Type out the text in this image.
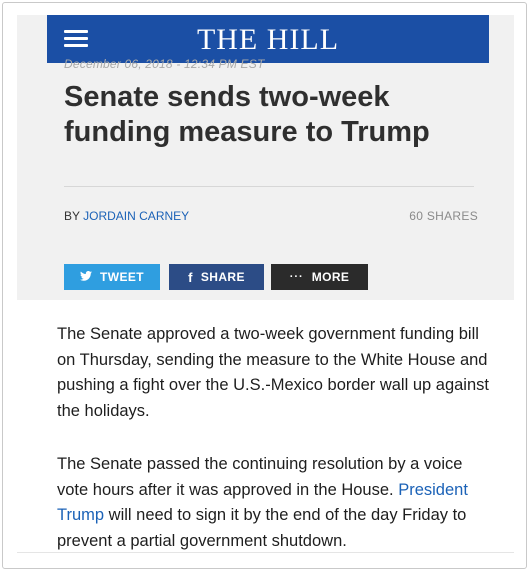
THE HILL
December 06, 2018 - 12:34 PM EST
Senate sends two-week
funding measure to Trump
BY JORDAIN CARNEY	60 SHARES
TWEET	f SHARE	··· MORE
The Senate approved a two-week government funding bill on Thursday, sending the measure to the White House and pushing a fight over the U.S.-Mexico border wall up against the holidays.
The Senate passed the continuing resolution by a voice vote hours after it was approved in the House. President Trump will need to sign it by the end of the day Friday to prevent a partial government shutdown.
